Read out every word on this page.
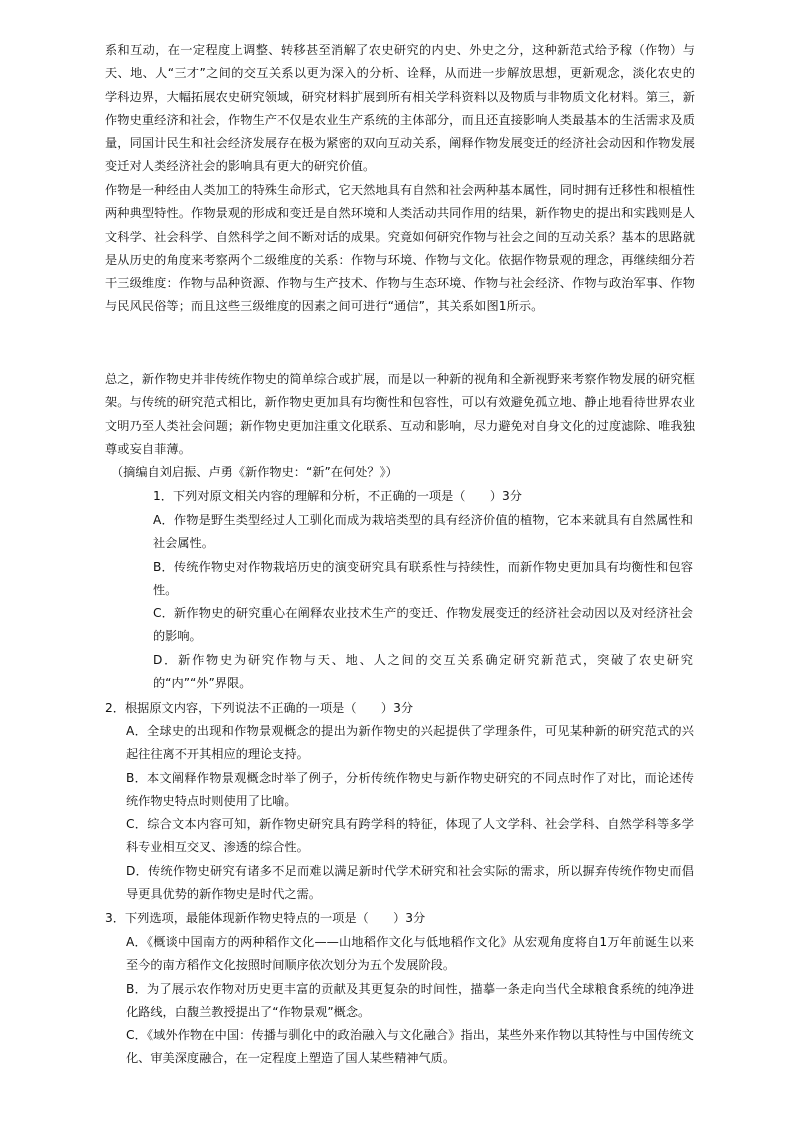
系和互动，在一定程度上调整、转移甚至消解了农史研究的内史、外史之分，这种新范式给予稼（作物）与天、地、人“三才”之间的交互关系以更为深入的分析、诠释，从而进一步解放思想，更新观念，淡化农史的学科边界，大幅拓展农史研究领域，研究材料扩展到所有相关学科资料以及物质与非物质文化材料。第三，新作物史重经济和社会，作物生产不仅是农业生产系统的主体部分，而且还直接影响人类最基本的生活需求及质量，同国计民生和社会经济发展存在极为紧密的双向互动关系，阐释作物发展变迁的经济社会动因和作物发展变迁对人类经济社会的影响具有更大的研究价值。

作物是一种经由人类加工的特殊生命形式，它天然地具有自然和社会两种基本属性，同时拥有迁移性和根植性两种典型特性。作物景观的形成和变迁是自然环境和人类活动共同作用的结果，新作物史的提出和实践则是人文科学、社会科学、自然科学之间不断对话的成果。究竟如何研究作物与社会之间的互动关系？基本的思路就是从历史的角度来考察两个二级维度的关系：作物与环境、作物与文化。依据作物景观的理念，再继续细分若干三级维度：作物与品种资源、作物与生产技术、作物与生态环境、作物与社会经济、作物与政治军事、作物与民风民俗等；而且这些三级维度的因素之间可进行“通信”，其关系如图1所示。

总之，新作物史并非传统作物史的简单综合或扩展，而是以一种新的视角和全新视野来考察作物发展的研究框架。与传统的研究范式相比，新作物史更加具有均衡性和包容性，可以有效避免孤立地、静止地看待世界农业文明乃至人类社会问题；新作物史更加注重文化联系、互动和影响，尽力避免对自身文化的过度滤除、唯我独尊或妄自菲薄。

（摘编自刘启振、卢勇《新作物史：“新”在何处？》）

1．下列对原文相关内容的理解和分析，不正确的一项是（　　）3分

A．作物是野生类型经过人工驯化而成为栽培类型的具有经济价值的植物，它本来就具有自然属性和社会属性。

B．传统作物史对作物栽培历史的演变研究具有联系性与持续性，而新作物史更加具有均衡性和包容性。

C．新作物史的研究重心在阐释农业技术生产的变迁、作物发展变迁的经济社会动因以及对经济社会的影响。

D．新作物史为研究作物与天、地、人之间的交互关系确定研究新范式，突破了农史研究的“内”“外”界限。

2．根据原文内容，下列说法不正确的一项是（　　）3分

A．全球史的出现和作物景观概念的提出为新作物史的兴起提供了学理条件，可见某种新的研究范式的兴起往往离不开其相应的理论支持。

B．本文阐释作物景观概念时举了例子，分析传统作物史与新作物史研究的不同点时作了对比，而论述传统作物史特点时则使用了比喻。

C．综合文本内容可知，新作物史研究具有跨学科的特征，体现了人文学科、社会学科、自然学科等多学科专业相互交叉、渗透的综合性。

D．传统作物史研究有诸多不足而难以满足新时代学术研究和社会实际的需求，所以摒弃传统作物史而倡导更具优势的新作物史是时代之需。

3．下列选项，最能体现新作物史特点的一项是（　　）3分

A．《概谈中国南方的两种稻作文化——山地稻作文化与低地稻作文化》从宏观角度将自1万年前诞生以来至今的南方稻作文化按照时间顺序依次划分为五个发展阶段。

B．为了展示农作物对历史更丰富的贡献及其更复杂的时间性，描摹一条走向当代全球粮食系统的纯净进化路线，白馥兰教授提出了“作物景观”概念。

C．《域外作物在中国：传播与驯化中的政治融入与文化融合》指出，某些外来作物以其特性与中国传统文化、审美深度融合，在一定程度上塑造了国人某些精神气质。
